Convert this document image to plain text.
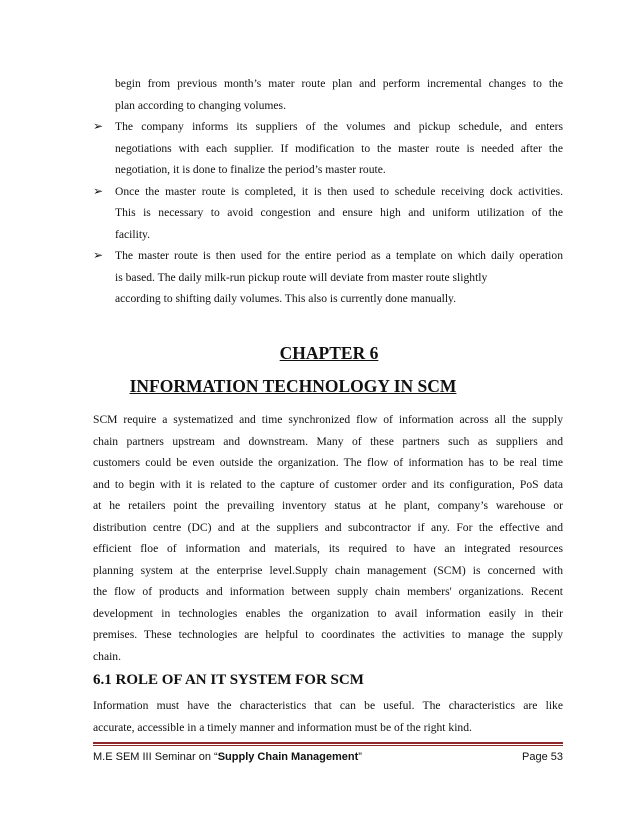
begin from previous month’s mater route plan and perform incremental changes to the
plan according to changing volumes.
➢	The company informs its suppliers of the volumes and pickup schedule, and enters
negotiations with each supplier. If modification to the master route is needed after the
negotiation, it is done to finalize the period’s master route.
➢	Once the master route is completed, it is then used to schedule receiving dock activities.
This is necessary to avoid congestion and ensure high and uniform utilization of the
facility.
➢	The master route is then used for the entire period as a template on which daily operation
is based. The daily milk-run pickup route will deviate from master route slightly
according to shifting daily volumes. This also is currently done manually.
CHAPTER 6
INFORMATION TECHNOLOGY IN SCM
SCM require a systematized and time synchronized flow of information across all the supply
chain partners upstream and downstream. Many of these partners such as suppliers and
customers could be even outside the organization. The flow of information has to be real time
and to begin with it is related to the capture of customer order and its configuration, PoS data
at he retailers point the prevailing inventory status at he plant, company’s warehouse or
distribution centre (DC) and at the suppliers and subcontractor if any. For the effective and
efficient floe of information and materials, its required to have an integrated resources
planning system at the enterprise level.Supply chain management (SCM) is concerned with
the flow of products and information between supply chain members' organizations. Recent
development in technologies enables the organization to avail information easily in their
premises. These technologies are helpful to coordinates the activities to manage the supply
chain.
6.1 ROLE OF AN IT SYSTEM FOR SCM
Information must have the characteristics that can be useful. The characteristics are like
accurate, accessible in a timely manner and information must be of the right kind.
M.E SEM III Seminar on “Supply Chain Management”	Page 53
